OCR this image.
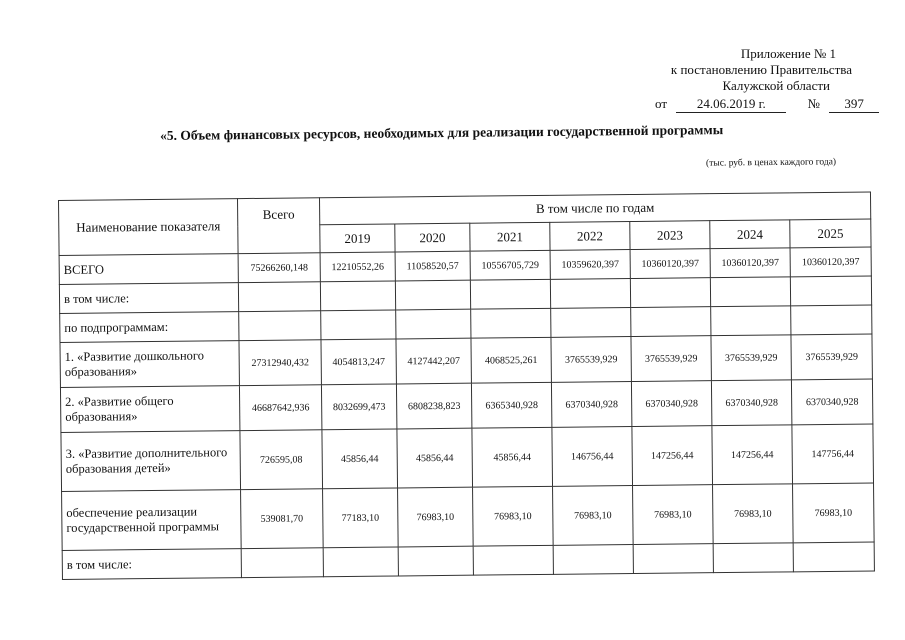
Приложение № 1
к постановлению Правительства
Калужской области
от 24.06.2019 г.	№ 397
«5. Объем финансовых ресурсов, необходимых для реализации государственной программы
(тыс. руб. в ценах каждого года)
Наименование показателя	Всего	В том числе по годам						
		2019	2020	2021	2022	2023	2024	2025
ВСЕГО	75266260,148	12210552,26	11058520,57	10556705,729	10359620,397	10360120,397	10360120,397	10360120,397
в том числе:								
по подпрограммам:								
1. «Развитие дошкольного образования»	27312940,432	4054813,247	4127442,207	4068525,261	3765539,929	3765539,929	3765539,929	3765539,929
2. «Развитие общего образования»	46687642,936	8032699,473	6808238,823	6365340,928	6370340,928	6370340,928	6370340,928	6370340,928
3. «Развитие дополнительного образования детей»	726595,08	45856,44	45856,44	45856,44	146756,44	147256,44	147256,44	147756,44
обеспечение реализации государственной программы	539081,70	77183,10	76983,10	76983,10	76983,10	76983,10	76983,10	76983,10
в том числе:								
